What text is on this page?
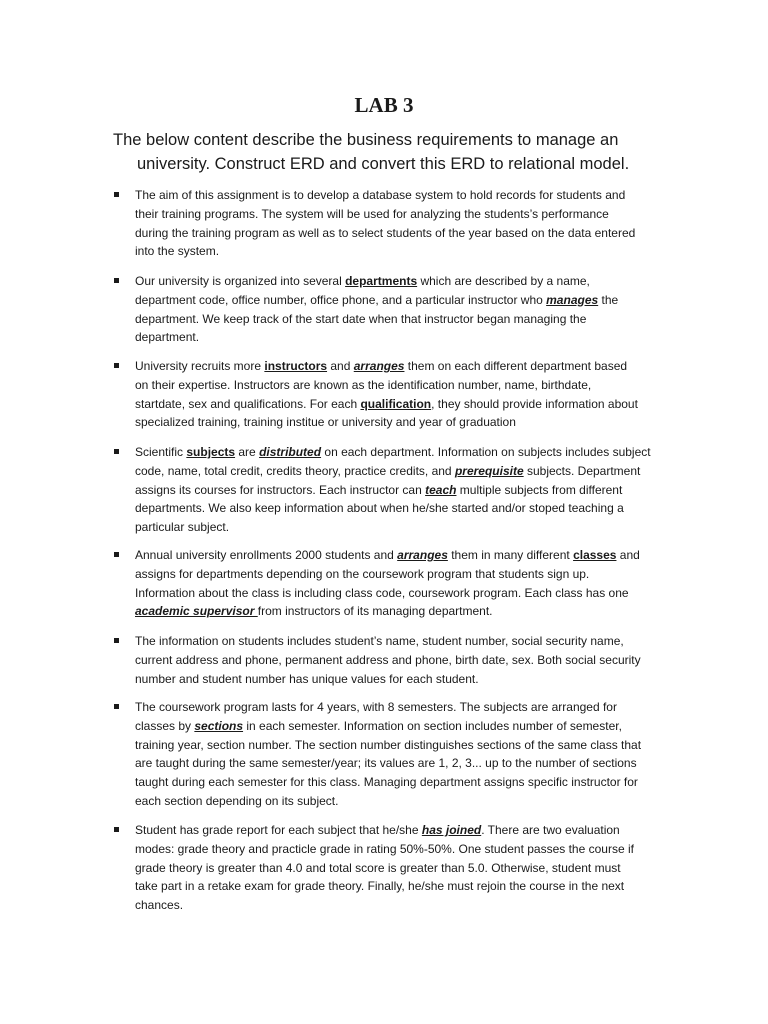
LAB 3

The below content describe the business requirements to manage an
university. Construct ERD and convert this ERD to relational model.

The aim of this assignment is to develop a database system to hold records for students and
their training programs. The system will be used for analyzing the students’s performance
during the training program as well as to select students of the year based on the data entered
into the system.
Our university is organized into several departments which are described by a name,
department code, office number, office phone, and a particular instructor who manages the
department. We keep track of the start date when that instructor began managing the
department.
University recruits more instructors and arranges them on each different department based
on their expertise. Instructors are known as the identification number, name, birthdate,
startdate, sex and qualifications. For each qualification, they should provide information about
specialized training, training institue or university and year of graduation
Scientific subjects are distributed on each department. Information on subjects includes subject
code, name, total credit, credits theory, practice credits, and prerequisite subjects. Department
assigns its courses for instructors. Each instructor can teach multiple subjects from different
departments. We also keep information about when he/she started and/or stoped teaching a
particular subject.
Annual university enrollments 2000 students and arranges them in many different classes and
assigns for departments depending on the coursework program that students sign up.
Information about the class is including class code, coursework program. Each class has one
academic supervisor from instructors of its managing department.
The information on students includes student’s name, student number, social security name,
current address and phone, permanent address and phone, birth date, sex. Both social security
number and student number has unique values for each student.
The coursework program lasts for 4 years, with 8 semesters. The subjects are arranged for
classes by sections in each semester. Information on section includes number of semester,
training year, section number. The section number distinguishes sections of the same class that
are taught during the same semester/year; its values are 1, 2, 3... up to the number of sections
taught during each semester for this class. Managing department assigns specific instructor for
each section depending on its subject.
Student has grade report for each subject that he/she has joined. There are two evaluation
modes: grade theory and practicle grade in rating 50%-50%. One student passes the course if
grade theory is greater than 4.0 and total score is greater than 5.0. Otherwise, student must
take part in a retake exam for grade theory. Finally, he/she must rejoin the course in the next
chances.
